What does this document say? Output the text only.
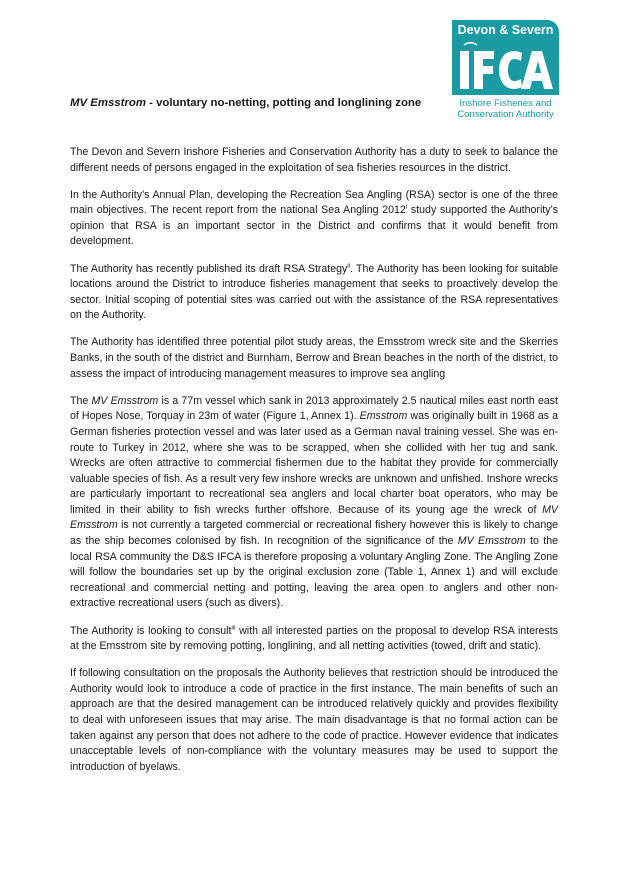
Devon & Severn
Inshore Fisheries and
Conservation Authority

MV Emsstrom - voluntary no-netting, potting and longlining zone

The Devon and Severn Inshore Fisheries and Conservation Authority has a duty to seek to balance the different needs of persons engaged in the exploitation of sea fisheries resources in the district.

In the Authority’s Annual Plan, developing the Recreation Sea Angling (RSA) sector is one of the three main objectives. The recent report from the national Sea Angling 2012$^i$ study supported the Authority’s opinion that RSA is an important sector in the District and confirms that it would benefit from development.

The Authority has recently published its draft RSA Strategy$^{ii}$. The Authority has been looking for suitable locations around the District to introduce fisheries management that seeks to proactively develop the sector. Initial scoping of potential sites was carried out with the assistance of the RSA representatives on the Authority.

The Authority has identified three potential pilot study areas, the Emsstrom wreck site and the Skerries Banks, in the south of the district and Burnham, Berrow and Brean beaches in the north of the district, to assess the impact of introducing management measures to improve sea angling

The MV Emsstrom is a 77m vessel which sank in 2013 approximately 2.5 nautical miles east north east of Hopes Nose, Torquay in 23m of water (Figure 1, Annex 1). Emsstrom was originally built in 1968 as a German fisheries protection vessel and was later used as a German naval training vessel. She was en-route to Turkey in 2012, where she was to be scrapped, when she collided with her tug and sank. Wrecks are often attractive to commercial fishermen due to the habitat they provide for commercially valuable species of fish. As a result very few inshore wrecks are unknown and unfished. Inshore wrecks are particularly important to recreational sea anglers and local charter boat operators, who may be limited in their ability to fish wrecks further offshore. Because of its young age the wreck of MV Emsstrom is not currently a targeted commercial or recreational fishery however this is likely to change as the ship becomes colonised by fish. In recognition of the significance of the MV Emsstrom to the local RSA community the D&S IFCA is therefore proposing a voluntary Angling Zone. The Angling Zone will follow the boundaries set up by the original exclusion zone (Table 1, Annex 1) and will exclude recreational and commercial netting and potting, leaving the area open to anglers and other non-extractive recreational users (such as divers).

The Authority is looking to consult$^{iii}$ with all interested parties on the proposal to develop RSA interests at the Emsstrom site by removing potting, longlining, and all netting activities (towed, drift and static).

If following consultation on the proposals the Authority believes that restriction should be introduced the Authority would look to introduce a code of practice in the first instance. The main benefits of such an approach are that the desired management can be introduced relatively quickly and provides flexibility to deal with unforeseen issues that may arise. The main disadvantage is that no formal action can be taken against any person that does not adhere to the code of practice. However evidence that indicates unacceptable levels of non-compliance with the voluntary measures may be used to support the introduction of byelaws.
